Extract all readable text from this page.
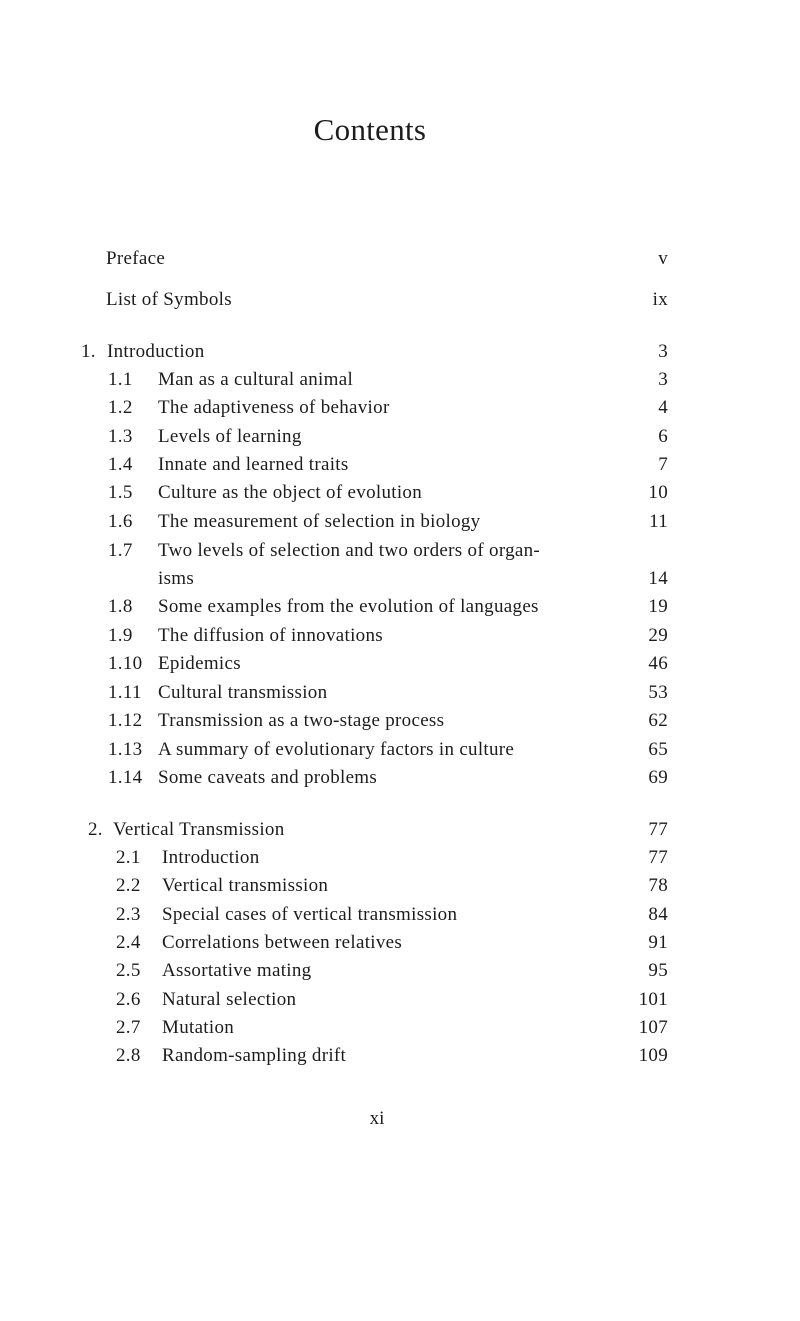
Contents
Preface	v
List of Symbols	ix
1. Introduction	3
1.1 Man as a cultural animal	3
1.2 The adaptiveness of behavior	4
1.3 Levels of learning	6
1.4 Innate and learned traits	7
1.5 Culture as the object of evolution	10
1.6 The measurement of selection in biology	11
1.7 Two levels of selection and two orders of organ-
isms	14
1.8 Some examples from the evolution of languages	19
1.9 The diffusion of innovations	29
1.10 Epidemics	46
1.11 Cultural transmission	53
1.12 Transmission as a two-stage process	62
1.13 A summary of evolutionary factors in culture	65
1.14 Some caveats and problems	69
2. Vertical Transmission	77
2.1 Introduction	77
2.2 Vertical transmission	78
2.3 Special cases of vertical transmission	84
2.4 Correlations between relatives	91
2.5 Assortative mating	95
2.6 Natural selection	101
2.7 Mutation	107
2.8 Random-sampling drift	109
xi
